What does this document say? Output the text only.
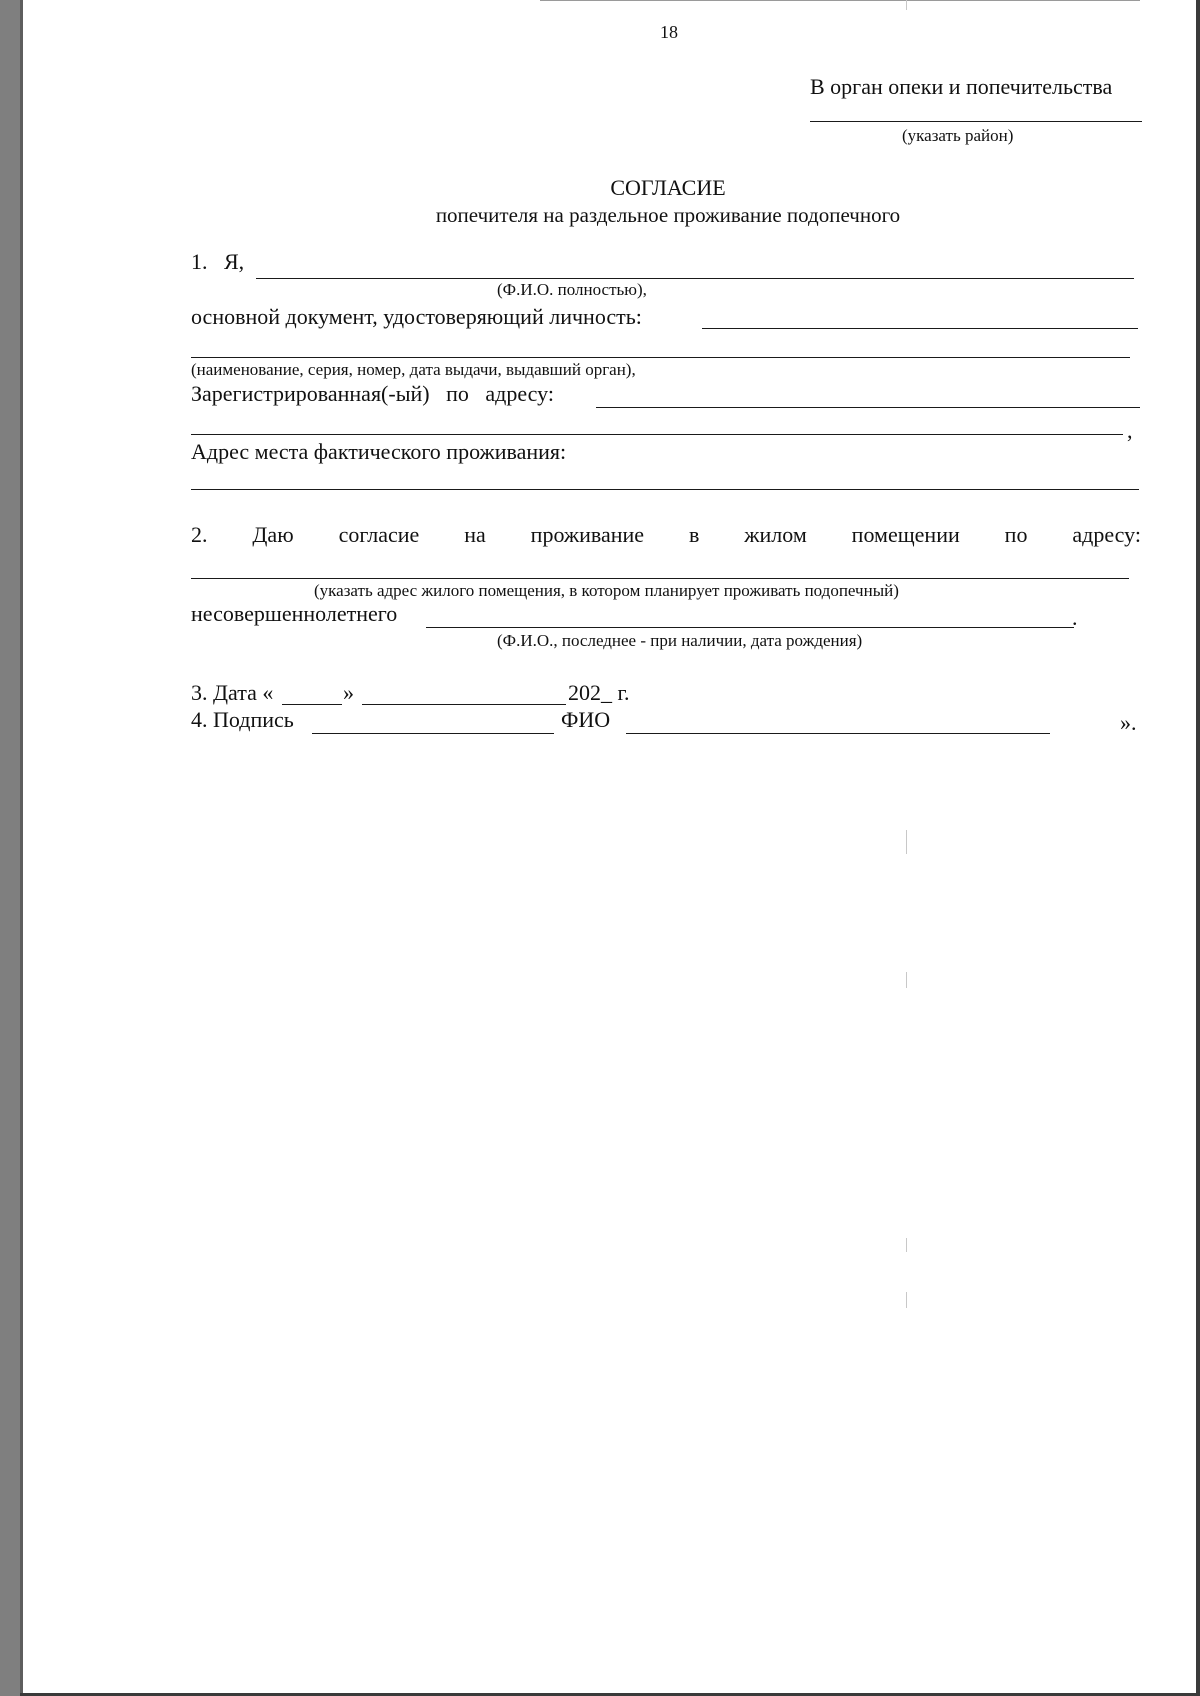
18
В орган опеки и попечительства
(указать район)
СОГЛАСИЕ
попечителя на раздельное проживание подопечного
1.   Я,
(Ф.И.О. полностью),
основной документ, удостоверяющий личность:
(наименование, серия, номер, дата выдачи, выдавший орган),
Зарегистрированная(-ый)   по   адресу:
,
Адрес места фактического проживания:
2. Даю согласие на проживание в жилом помещении по адресу:
(указать адрес жилого помещения, в котором планирует проживать подопечный)
несовершеннолетнего	.
(Ф.И.О., последнее - при наличии, дата рождения)
3. Дата «	»	202_ г.
4. Подпись	ФИО	».
